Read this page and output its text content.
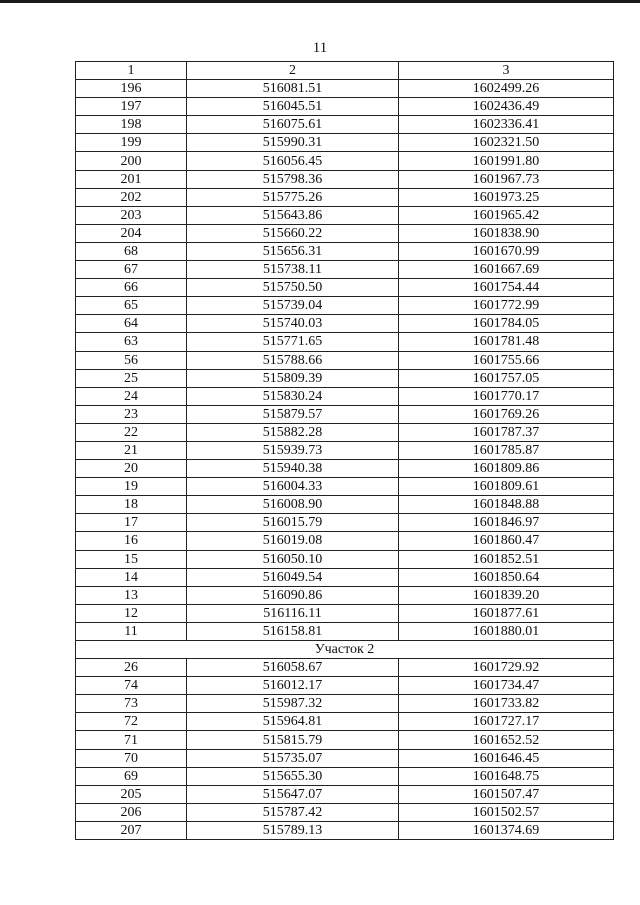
11
1	2	3
196	516081.51	1602499.26
197	516045.51	1602436.49
198	516075.61	1602336.41
199	515990.31	1602321.50
200	516056.45	1601991.80
201	515798.36	1601967.73
202	515775.26	1601973.25
203	515643.86	1601965.42
204	515660.22	1601838.90
68	515656.31	1601670.99
67	515738.11	1601667.69
66	515750.50	1601754.44
65	515739.04	1601772.99
64	515740.03	1601784.05
63	515771.65	1601781.48
56	515788.66	1601755.66
25	515809.39	1601757.05
24	515830.24	1601770.17
23	515879.57	1601769.26
22	515882.28	1601787.37
21	515939.73	1601785.87
20	515940.38	1601809.86
19	516004.33	1601809.61
18	516008.90	1601848.88
17	516015.79	1601846.97
16	516019.08	1601860.47
15	516050.10	1601852.51
14	516049.54	1601850.64
13	516090.86	1601839.20
12	516116.11	1601877.61
11	516158.81	1601880.01
Участок 2		
26	516058.67	1601729.92
74	516012.17	1601734.47
73	515987.32	1601733.82
72	515964.81	1601727.17
71	515815.79	1601652.52
70	515735.07	1601646.45
69	515655.30	1601648.75
205	515647.07	1601507.47
206	515787.42	1601502.57
207	515789.13	1601374.69
